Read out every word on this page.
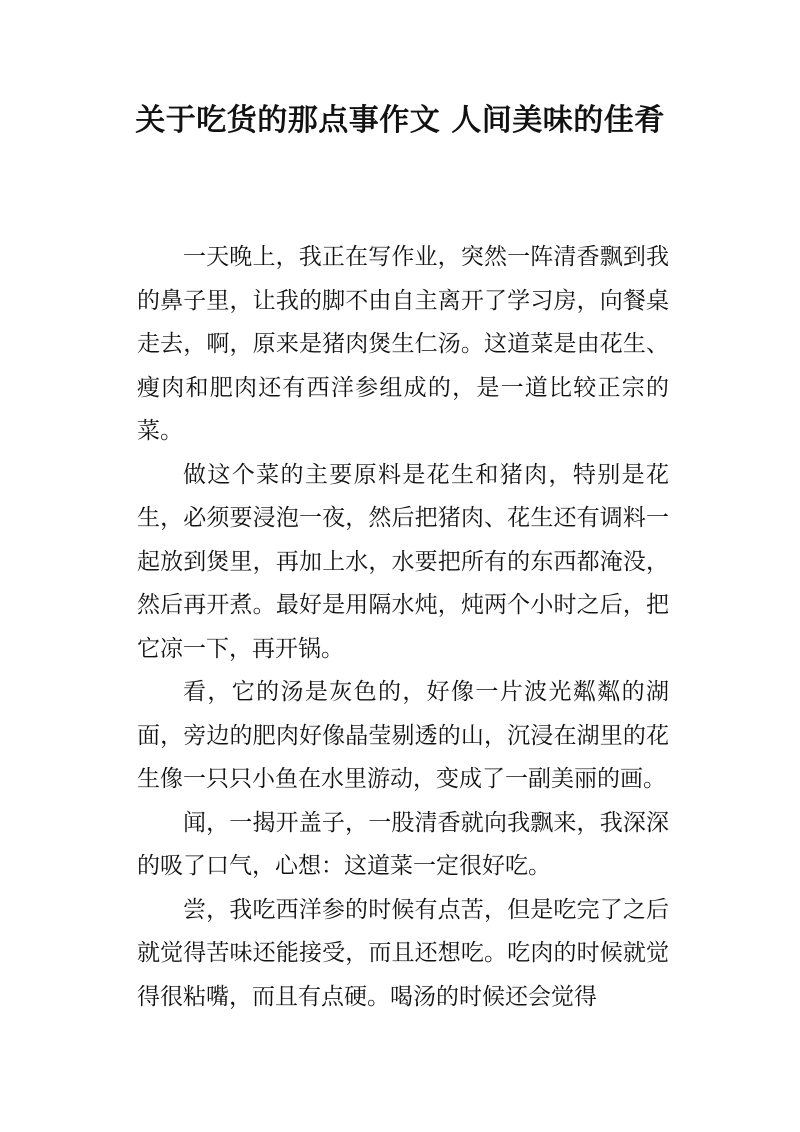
关于吃货的那点事作文 人间美味的佳肴

一天晚上，我正在写作业，突然一阵清香飘到我的鼻子里，让我的脚不由自主离开了学习房，向餐桌走去，啊，原来是猪肉煲生仁汤。这道菜是由花生、瘦肉和肥肉还有西洋参组成的，是一道比较正宗的菜。

做这个菜的主要原料是花生和猪肉，特别是花生，必须要浸泡一夜，然后把猪肉、花生还有调料一起放到煲里，再加上水，水要把所有的东西都淹没，然后再开煮。最好是用隔水炖，炖两个小时之后，把它凉一下，再开锅。

看，它的汤是灰色的，好像一片波光粼粼的湖面，旁边的肥肉好像晶莹剔透的山，沉浸在湖里的花生像一只只小鱼在水里游动，变成了一副美丽的画。

闻，一揭开盖子，一股清香就向我飘来，我深深的吸了口气，心想：这道菜一定很好吃。

尝，我吃西洋参的时候有点苦，但是吃完了之后就觉得苦味还能接受，而且还想吃。吃肉的时候就觉得很粘嘴，而且有点硬。喝汤的时候还会觉得
